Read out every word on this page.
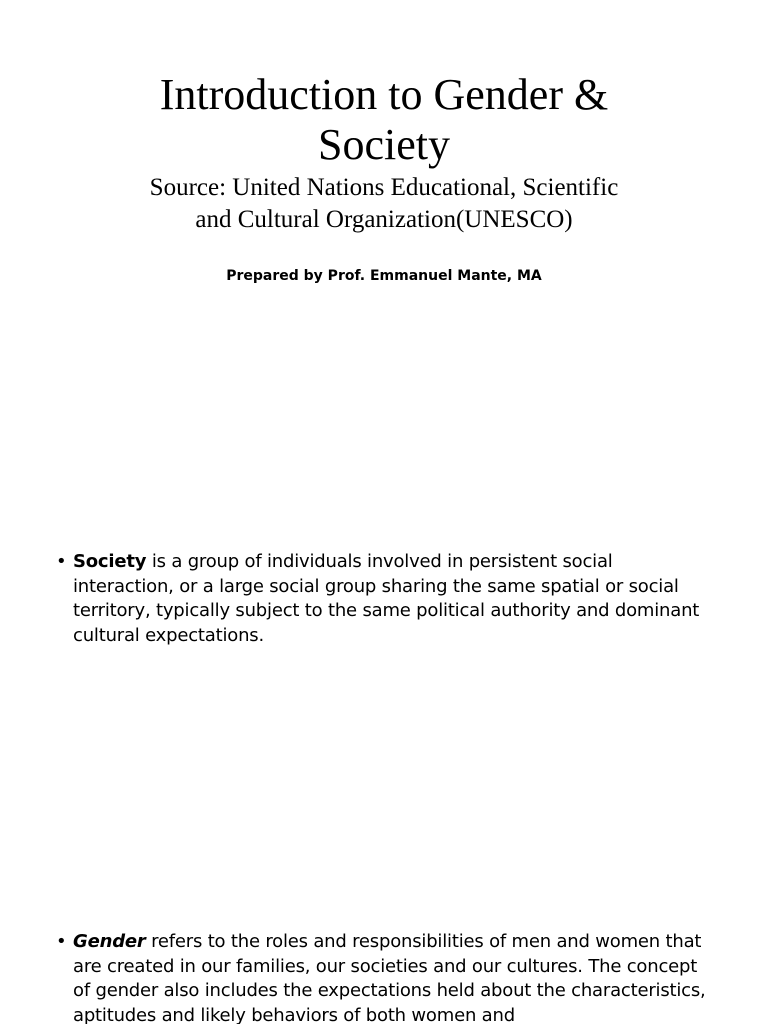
Introduction to Gender &
Society
Source: United Nations Educational, Scientific
and Cultural Organization(UNESCO)
Prepared by Prof. Emmanuel Mante, MA
• Society is a group of individuals involved in persistent social interaction, or a large social group sharing the same spatial or social territory, typically subject to the same political authority and dominant cultural expectations.
• Gender refers to the roles and responsibilities of men and women that are created in our families, our societies and our cultures. The concept of gender also includes the expectations held about the characteristics, aptitudes and likely behaviors of both women and
